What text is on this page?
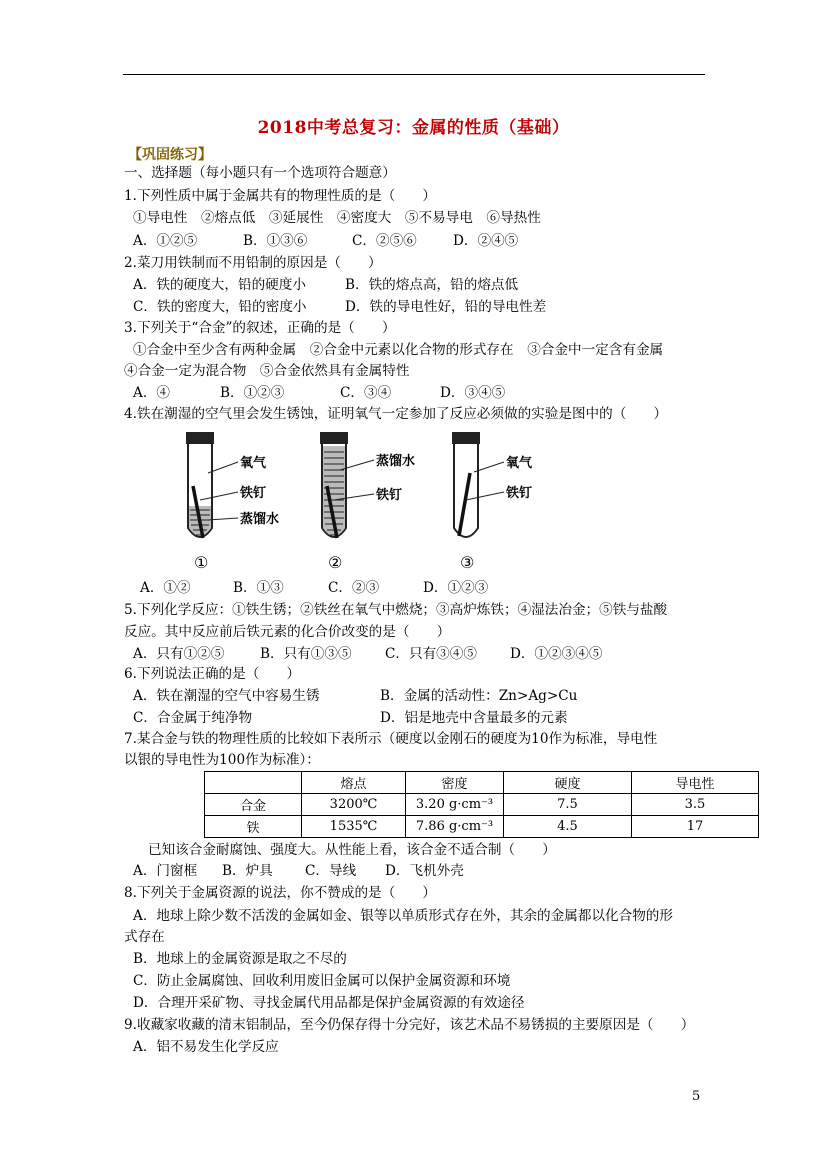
2018中考总复习：金属的性质（基础）
【巩固练习】
一、选择题（每小题只有一个选项符合题意）
1.下列性质中属于金属共有的物理性质的是（　　）
①导电性　②熔点低　③延展性　④密度大　⑤不易导电　⑥导热性
A．①②⑤	B．①③⑥	C．②⑤⑥	D．②④⑤
2.菜刀用铁制而不用铅制的原因是（　　）
A．铁的硬度大，铅的硬度小	B．铁的熔点高，铅的熔点低
C．铁的密度大，铅的密度小	D．铁的导电性好，铅的导电性差
3.下列关于“合金”的叙述，正确的是（　　）
①合金中至少含有两种金属　②合金中元素以化合物的形式存在　③合金中一定含有金属
④合金一定为混合物　⑤合金依然具有金属特性
A．④	B．①②③	C．③④	D．③④⑤
4.铁在潮湿的空气里会发生锈蚀，证明氧气一定参加了反应必须做的实验是图中的（　　）
氧气
铁钉
蒸馏水
①
蒸馏水
铁钉
②
氧气
铁钉
③
A．①②	B．①③	C．②③	D．①②③
5.下列化学反应：①铁生锈；②铁丝在氧气中燃烧；③高炉炼铁；④湿法冶金；⑤铁与盐酸
反应。其中反应前后铁元素的化合价改变的是（　　）
A．只有①②⑤	B．只有①③⑤ C．只有③④⑤ D．①②③④⑤
6.下列说法正确的是（　　）
A．铁在潮湿的空气中容易生锈	B．金属的活动性：Zn>Ag>Cu
C．合金属于纯净物	D．铝是地壳中含量最多的元素
7.某合金与铁的物理性质的比较如下表所示（硬度以金刚石的硬度为10作为标准，导电性
以银的导电性为100作为标准）：
	熔点	密度	硬度	导电性
合金	3200℃	3.20 g·cm⁻³	7.5	3.5
铁	1535℃	7.86 g·cm⁻³	4.5	17
已知该合金耐腐蚀、强度大。从性能上看，该合金不适合制（　　）
A．门窗框 B．炉具 C．导线 D．飞机外壳
8.下列关于金属资源的说法，你不赞成的是（　　）
A．地球上除少数不活泼的金属如金、银等以单质形式存在外，其余的金属都以化合物的形
式存在
B．地球上的金属资源是取之不尽的
C．防止金属腐蚀、回收利用废旧金属可以保护金属资源和环境
D．合理开采矿物、寻找金属代用品都是保护金属资源的有效途径
9.收藏家收藏的清末铝制品，至今仍保存得十分完好，该艺术品不易锈损的主要原因是（　　）
A．铝不易发生化学反应
5
